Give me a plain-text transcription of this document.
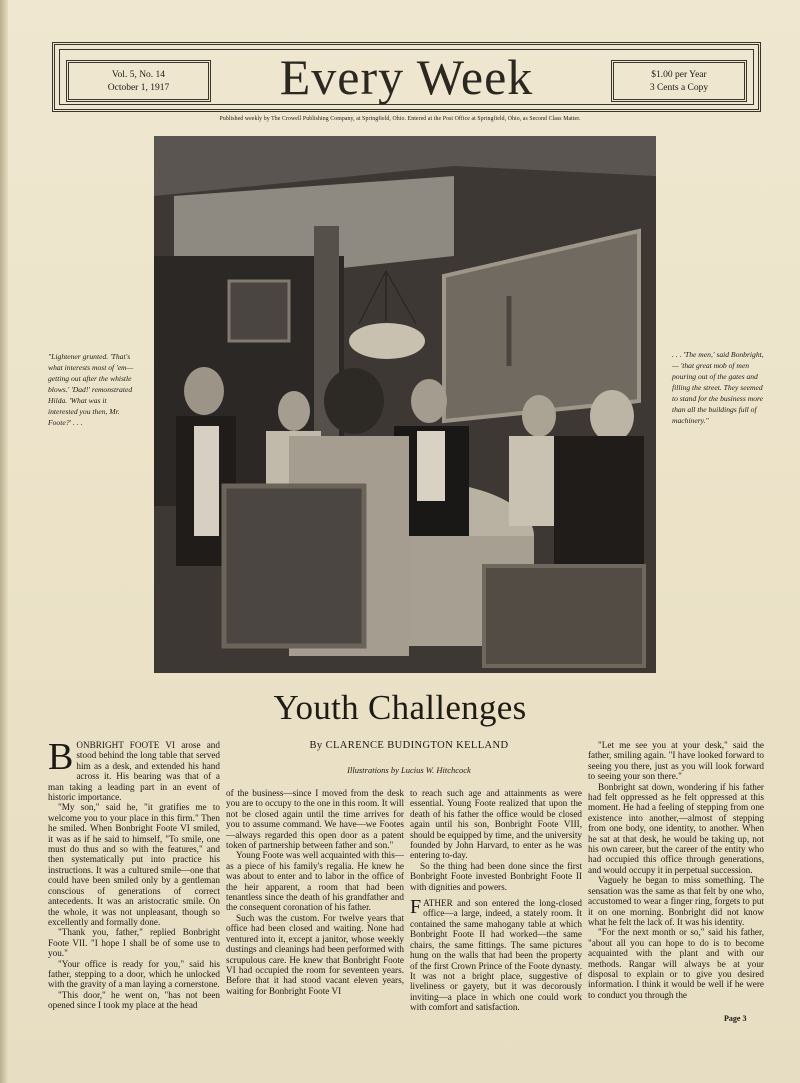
Vol. 5, No. 14
October 1, 1917	Every Week	$1.00 per Year
3 Cents a Copy
Published weekly by The Crowell Publishing Company, at Springfield, Ohio. Entered at the Post Office at Springfield, Ohio, as Second Class Matter.
"Lightener grunted. 'That's what interests most of 'em—getting out after the whistle blows.' 'Dad!' remonstrated Hilda. 'What was it interested you then, Mr. Foote?' . . .
. . . 'The men,' said Bonbright, — 'that great mob of men pouring out of the gates and filling the street. They seemed to stand for the business more than all the buildings full of machinery."
Youth Challenges
By CLARENCE BUDINGTON KELLAND
Illustrations by Lucius W. Hitchcock

BONBRIGHT FOOTE VI arose and stood behind the long table that served him as a desk, and extended his hand across it. His bearing was that of a man taking a leading part in an event of historic importance.

"My son," said he, "it gratifies me to welcome you to your place in this firm." Then he smiled. When Bonbright Foote VI smiled, it was as if he said to himself, "To smile, one must do thus and so with the features," and then systematically put into practice his instructions. It was a cultured smile—one that could have been smiled only by a gentleman conscious of generations of correct antecedents. It was an aristocratic smile. On the whole, it was not unpleasant, though so excellently and formally done.

"Thank you, father," replied Bonbright Foote VII. "I hope I shall be of some use to you."

"Your office is ready for you," said his father, stepping to a door, which he unlocked with the gravity of a man laying a cornerstone.

"This door," he went on, "has not been opened since I took my place at the head

of the business—since I moved from the desk you are to occupy to the one in this room. It will not be closed again until the time arrives for you to assume command. We have—we Footes—always regarded this open door as a patent token of partnership between father and son."

Young Foote was well acquainted with this—as a piece of his family's regalia. He knew he was about to enter and to labor in the office of the heir apparent, a room that had been tenantless since the death of his grandfather and the consequent coronation of his father.

Such was the custom. For twelve years that office had been closed and waiting. None had ventured into it, except a janitor, whose weekly dustings and cleanings had been performed with scrupulous care. He knew that Bonbright Foote VI had occupied the room for seventeen years. Before that it had stood vacant eleven years, waiting for Bonbright Foote VI

to reach such age and attainments as were essential. Young Foote realized that upon the death of his father the office would be closed again until his son, Bonbright Foote VIII, should be equipped by time, and the university founded by John Harvard, to enter as he was entering to-day.

So the thing had been done since the first Bonbright Foote invested Bonbright Foote II with dignities and powers.

FATHER and son entered the long-closed office—a large, indeed, a stately room. It contained the same mahogany table at which Bonbright Foote II had worked—the same chairs, the same fittings. The same pictures hung on the walls that had been the property of the first Crown Prince of the Foote dynasty. It was not a bright place, suggestive of liveliness or gayety, but it was decorously inviting—a place in which one could work with comfort and satisfaction.

"Let me see you at your desk," said the father, smiling again. "I have looked forward to seeing you there, just as you will look forward to seeing your son there."

Bonbright sat down, wondering if his father had felt oppressed as he felt oppressed at this moment. He had a feeling of stepping from one existence into another,—almost of stepping from one body, one identity, to another. When he sat at that desk, he would be taking up, not his own career, but the career of the entity who had occupied this office through generations, and would occupy it in perpetual succession.

Vaguely he began to miss something. The sensation was the same as that felt by one who, accustomed to wear a finger ring, forgets to put it on one morning. Bonbright did not know what he felt the lack of. It was his identity.

"For the next month or so," said his father, "about all you can hope to do is to become acquainted with the plant and with our methods. Rangar will always be at your disposal to explain or to give you desired information. I think it would be well if he were to conduct you through the

Page 3
